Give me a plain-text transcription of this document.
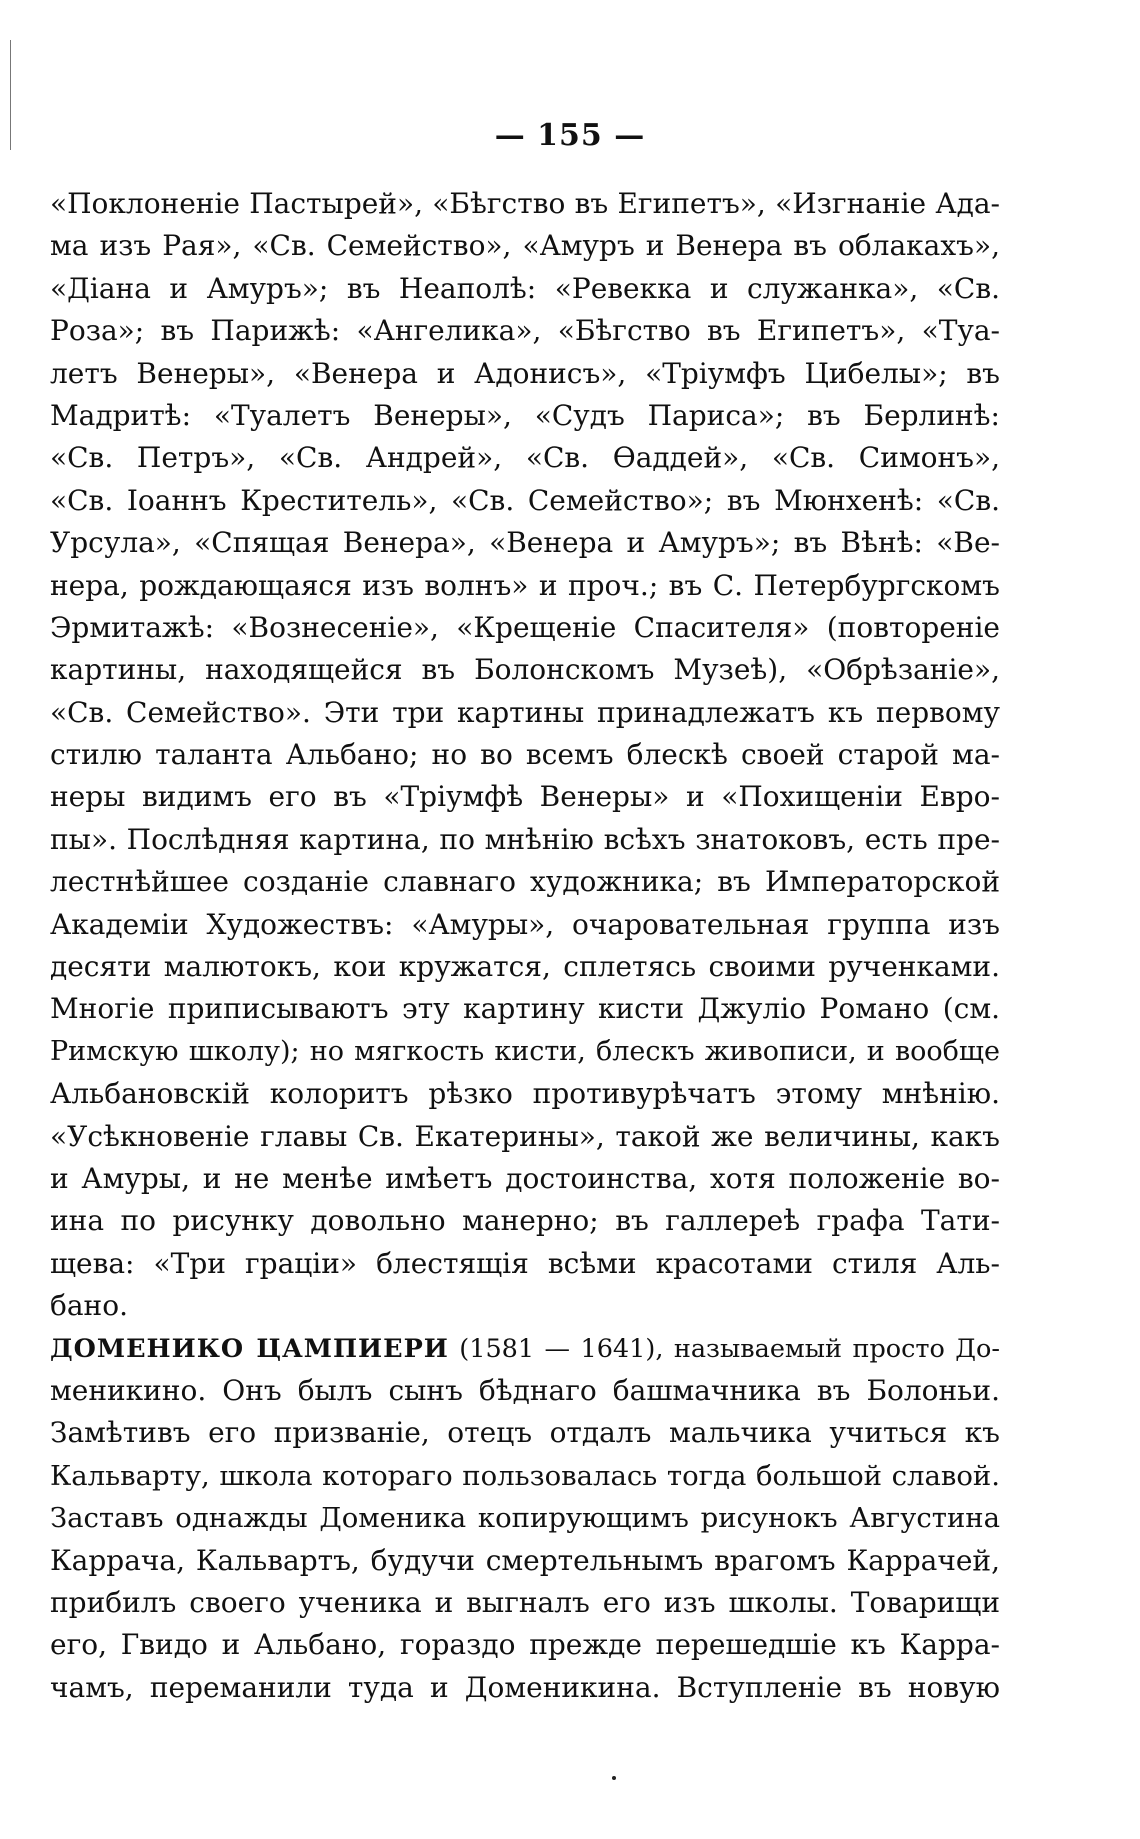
— 155 —
«Поклоненіе Пастырей», «Бѣгство въ Египетъ», «Изгнаніе Ада-
ма изъ Рая», «Св. Семейство», «Амуръ и Венера въ облакахъ»,
«Діана и Амуръ»; въ Неаполѣ: «Ревекка и служанка», «Св.
Роза»; въ Парижѣ: «Ангелика», «Бѣгство въ Египетъ», «Туа-
летъ Венеры», «Венера и Адонисъ», «Тріумфъ Цибелы»; въ
Мадритѣ: «Туалетъ Венеры», «Судъ Париса»; въ Берлинѣ:
«Св. Петръ», «Св. Андрей», «Св. Ѳаддей», «Св. Симонъ»,
«Св. Іоаннъ Креститель», «Св. Семейство»; въ Мюнхенѣ: «Св.
Урсула», «Спящая Венера», «Венера и Амуръ»; въ Вѣнѣ: «Ве-
нера, рождающаяся изъ волнъ» и проч.; въ С. Петербургскомъ
Эрмитажѣ: «Вознесеніе», «Крещеніе Спасителя» (повтореніе
картины, находящейся въ Болонскомъ Музеѣ), «Обрѣзаніе»,
«Св. Семейство». Эти три картины принадлежатъ къ первому
стилю таланта Альбано; но во всемъ блескѣ своей старой ма-
неры видимъ его въ «Тріумфѣ Венеры» и «Похищеніи Евро-
пы». Послѣдняя картина, по мнѣнію всѣхъ знатоковъ, есть пре-
лестнѣйшее созданіе славнаго художника; въ Императорской
Академіи Художествъ: «Амуры», очаровательная группа изъ
десяти малютокъ, кои кружатся, сплетясь своими рученками.
Многіе приписываютъ эту картину кисти Джуліо Романо (см.
Римскую школу); но мягкость кисти, блескъ живописи, и вообще
Альбановскій колоритъ рѣзко противурѣчатъ этому мнѣнію.
«Усѣкновеніе главы Св. Екатерины», такой же величины, какъ
и Амуры, и не менѣе имѣетъ достоинства, хотя положеніе во-
ина по рисунку довольно манерно; въ галлереѣ графа Тати-
щева: «Три граціи» блестящія всѣми красотами стиля Аль-
бано.
ДОМЕНИКО ЦАМПИЕРИ (1581 — 1641), называемый просто До-
меникино. Онъ былъ сынъ бѣднаго башмачника въ Болоньи.
Замѣтивъ его призваніе, отецъ отдалъ мальчика учиться къ
Кальварту, школа котораго пользовалась тогда большой славой.
Заставъ однажды Доменика копирующимъ рисунокъ Августина
Каррача, Кальвартъ, будучи смертельнымъ врагомъ Каррачей,
прибилъ своего ученика и выгналъ его изъ школы. Товарищи
его, Гвидо и Альбано, гораздо прежде перешедшіе къ Карра-
чамъ, переманили туда и Доменикина. Вступленіе въ новую
